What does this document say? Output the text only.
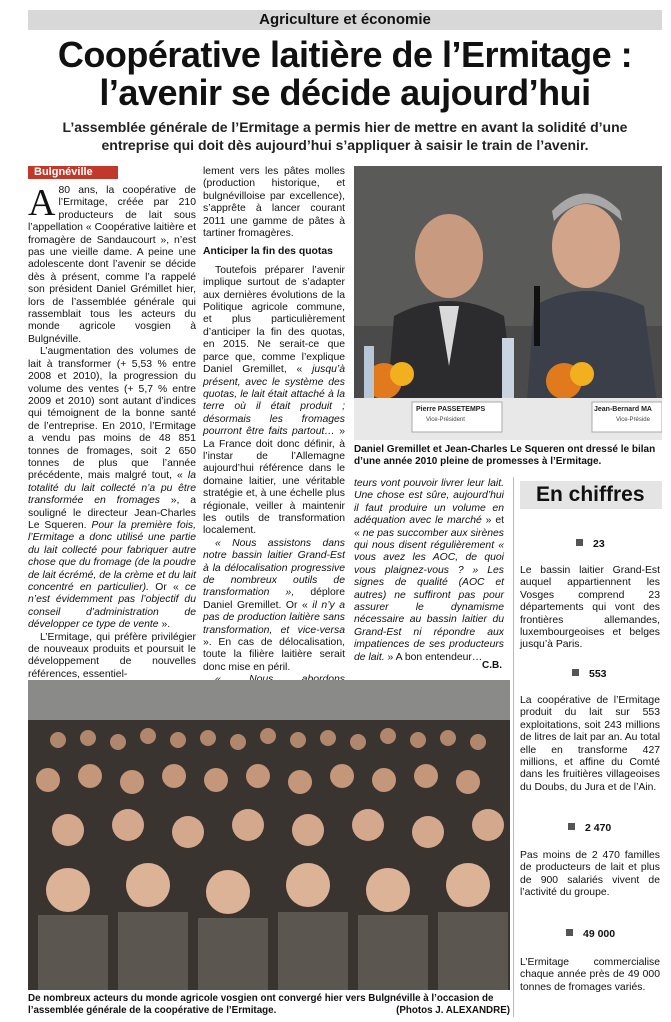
Agriculture et économie
Coopérative laitière de l’Ermitage :
l’avenir se décide aujourd’hui
L’assemblée générale de l’Ermitage a permis hier de mettre en avant la solidité d’une entreprise qui doit dès aujourd’hui s’appliquer à saisir le train de l’avenir.
Bulgnéville

A 80 ans, la coopérative de l’Ermitage, créée par 210 producteurs de lait sous l’appellation « Coopérative laitière et fromagère de Sandaucourt », n’est pas une vieille dame. A peine une adolescente dont l’avenir se décide dès à présent, comme l’a rappelé son président Daniel Grémillet hier, lors de l’assemblée générale qui rassemblait tous les acteurs du monde agricole vosgien à Bulgnéville.

L’augmentation des volumes de lait à transformer (+ 5,53 % entre 2008 et 2010), la progression du volume des ventes (+ 5,7 % entre 2009 et 2010) sont autant d’indices qui témoignent de la bonne santé de l’entreprise. En 2010, l’Ermitage a vendu pas moins de 48 851 tonnes de fromages, soit 2 650 tonnes de plus que l’année précédente, mais malgré tout, « la totalité du lait collecté n’a pu être transformée en fromages », a souligné le directeur Jean-Charles Le Squeren. Pour la première fois, l’Ermitage a donc utilisé une partie du lait collecté pour fabriquer autre chose que du fromage (de la poudre de lait écrémé, de la crème et du lait concentré en particulier). Or « ce n’est évidemment pas l’objectif du conseil d’administration de développer ce type de vente ».

L’Ermitage, qui préfère privilégier de nouveaux produits et poursuit le développement de nouvelles références, essentiel-

lement vers les pâtes molles (production historique, et bulgnévilloise par excellence), s’apprête à lancer courant 2011 une gamme de pâtes à tartiner fromagères.

Anticiper la fin des quotas

Toutefois préparer l’avenir implique surtout de s’adapter aux dernières évolutions de la Politique agricole commune, et plus particulièrement d’anticiper la fin des quotas, en 2015. Ne serait-ce que parce que, comme l’explique Daniel Gremillet, « jusqu’à présent, avec le système des quotas, le lait était attaché à la terre où il était produit ; désormais les fromages pourront être faits partout… » La France doit donc définir, à l’instar de l’Allemagne aujourd’hui référence dans le domaine laitier, une véritable stratégie et, à une échelle plus régionale, veiller à maintenir les outils de transformation localement.

« Nous assistons dans notre bassin laitier Grand-Est à la délocalisation progressive de nombreux outils de transformation », déplore Daniel Gremillet. Or « il n’y a pas de production laitière sans transformation, et vice-versa ». En cas de délocalisation, toute la filière laitière serait donc mise en péril.

Pierre PASSETEMPS
Vice-Président
Jean-Bernard MA
Vice-Préside
Daniel Gremillet et Jean-Charles Le Squeren ont dressé le bilan d’une année 2010 pleine de promesses à l’Ermitage.

teurs vont pouvoir livrer leur lait. Une chose est sûre, aujourd’hui il faut produire un volume en adéquation avec le marché » et « ne pas succomber aux sirènes qui nous disent régulièrement « vous avez les AOC, de quoi vous plaignez-vous ? » Les signes de qualité (AOC et autres) ne suffiront pas pour assurer le dynamisme nécessaire au bassin laitier du Grand-Est ni répondre aux impatiences de ses producteurs de lait. » A bon entendeur…

C.B.
De nombreux acteurs du monde agricole vosgien ont convergé hier vers Bulgnéville à l’occasion de l’assemblée générale de la coopérative de l’Ermitage.	(Photos J. ALEXANDRE)
En chiffres
23
Le bassin laitier Grand-Est auquel appartiennent les Vosges comprend 23 départements qui vont des frontières allemandes, luxembourgeoises et belges jusqu’à Paris.
553
La coopérative de l’Ermitage produit du lait sur 553 exploitations, soit 243 millions de litres de lait par an. Au total elle en transforme 427 millions, et affine du Comté dans les fruitières villageoises du Doubs, du Jura et de l’Ain.
2 470
Pas moins de 2 470 familles de producteurs de lait et plus de 900 salariés vivent de l’activité du groupe.
49 000
L’Ermitage commercialise chaque année près de 49 000 tonnes de fromages variés.
